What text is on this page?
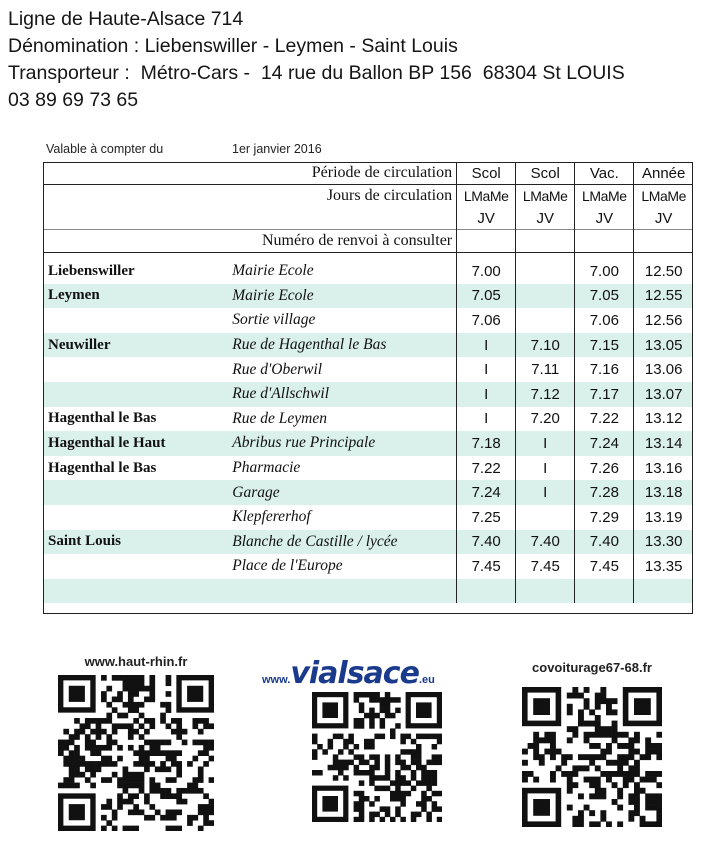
Ligne de Haute-Alsace 714
Dénomination : Liebenswiller - Leymen - Saint Louis
Transporteur :  Métro-Cars -  14 rue du Ballon BP 156  68304 St LOUIS
03 89 69 73 65
Valable à compter du	1er janvier 2016
Période de circulation		Scol	Scol	Vac.	Année
Jours de circulation		LMaMe	LMaMe	LMaMe	LMaMe
		JV	JV	JV	JV
Numéro de renvoi à consulter					

Liebenswiller	Mairie Ecole	7.00		7.00	12.50
Leymen	Mairie Ecole	7.05		7.05	12.55
	Sortie village	7.06		7.06	12.56
Neuwiller	Rue de Hagenthal le Bas	I	7.10	7.15	13.05
	Rue d'Oberwil	I	7.11	7.16	13.06
	Rue d'Allschwil	I	7.12	7.17	13.07
Hagenthal le Bas	Rue de Leymen	I	7.20	7.22	13.12
Hagenthal le Haut	Abribus rue Principale	7.18	I	7.24	13.14
Hagenthal le Bas	Pharmacie	7.22	I	7.26	13.16
	Garage	7.24	I	7.28	13.18
	Klepfererhof	7.25		7.29	13.19
Saint Louis	Blanche de Castille / lycée	7.40	7.40	7.40	13.30
	Place de l'Europe	7.45	7.45	7.45	13.35

www.haut-rhin.fr
www.vialsace.eu
covoiturage67-68.fr
